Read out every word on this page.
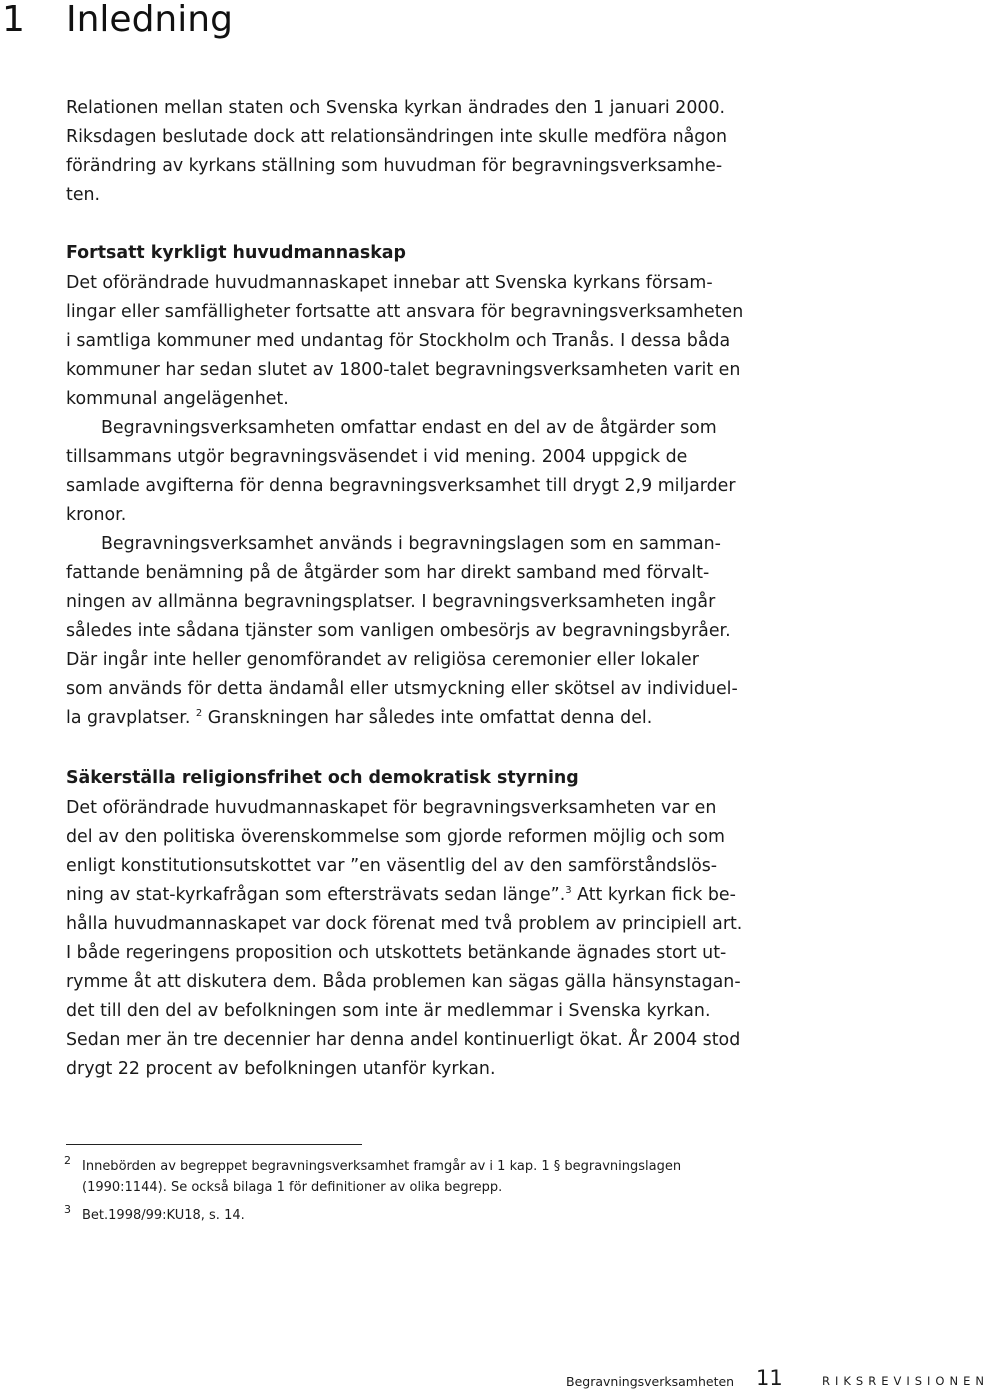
1 Inledning
Relationen mellan staten och Svenska kyrkan ändrades den 1 januari 2000.
Riksdagen beslutade dock att relationsändringen inte skulle medföra någon
förändring av kyrkans ställning som huvudman för begravningsverksamhe-
ten.
Fortsatt kyrkligt huvudmannaskap
Det oförändrade huvudmannaskapet innebar att Svenska kyrkans försam-
lingar eller samfälligheter fortsatte att ansvara för begravningsverksamheten
i samtliga kommuner med undantag för Stockholm och Tranås. I dessa båda
kommuner har sedan slutet av 1800-talet begravningsverksamheten varit en
kommunal angelägenhet.
Begravningsverksamheten omfattar endast en del av de åtgärder som
tillsammans utgör begravningsväsendet i vid mening. 2004 uppgick de
samlade avgifterna för denna begravningsverksamhet till drygt 2,9 miljarder
kronor.
Begravningsverksamhet används i begravningslagen som en samman-
fattande benämning på de åtgärder som har direkt samband med förvalt-
ningen av allmänna begravningsplatser. I begravningsverksamheten ingår
således inte sådana tjänster som vanligen ombesörjs av begravningsbyråer.
Där ingår inte heller genomförandet av religiösa ceremonier eller lokaler
som används för detta ändamål eller utsmyckning eller skötsel av individuel-
la gravplatser. $^2$ Granskningen har således inte omfattat denna del.
Säkerställa religionsfrihet och demokratisk styrning
Det oförändrade huvudmannaskapet för begravningsverksamheten var en
del av den politiska överenskommelse som gjorde reformen möjlig och som
enligt konstitutionsutskottet var ”en väsentlig del av den samförståndslös-
ning av stat-kyrkafrågan som eftersträvats sedan länge”.$^3$ Att kyrkan fick be-
hålla huvudmannaskapet var dock förenat med två problem av principiell art.
I både regeringens proposition och utskottets betänkande ägnades stort ut-
rymme åt att diskutera dem. Båda problemen kan sägas gälla hänsynstagan-
det till den del av befolkningen som inte är medlemmar i Svenska kyrkan.
Sedan mer än tre decennier har denna andel kontinuerligt ökat. År 2004 stod
drygt 22 procent av befolkningen utanför kyrkan.
2 Innebörden av begreppet begravningsverksamhet framgår av i 1 kap. 1 § begravningslagen
(1990:1144). Se också bilaga 1 för definitioner av olika begrepp.
3 Bet.1998/99:KU18, s. 14.
Begravningsverksamheten 11	RIKSREVISIONEN
